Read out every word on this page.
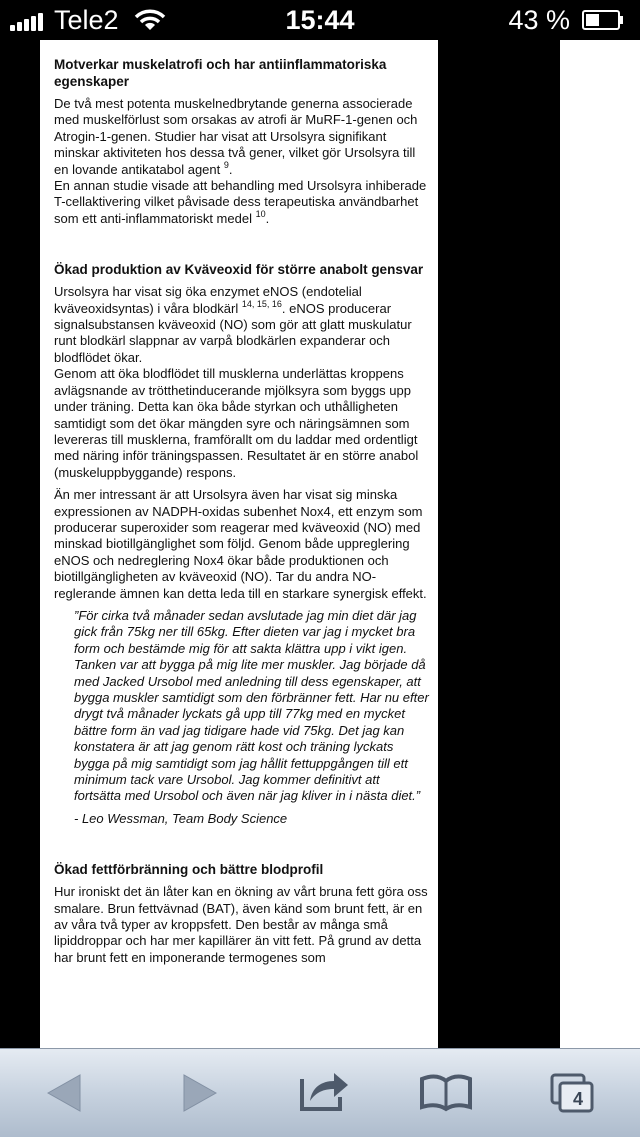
Tele2	15:44	43 %
Motverkar muskelatrofi och har antiinflammatoriska egenskaper

De två mest potenta muskelnedbrytande generna associerade med muskelförlust som orsakas av atrofi är MuRF-1-genen och Atrogin-1-genen. Studier har visat att Ursolsyra signifikant minskar aktiviteten hos dessa två gener, vilket gör Ursolsyra till en lovande antikatabol agent $^9$.
En annan studie visade att behandling med Ursolsyra inhiberade T-cellaktivering vilket påvisade dess terapeutiska användbarhet som ett anti-inflammatoriskt medel $^{10}$.

Ökad produktion av Kväveoxid för större anabolt gensvar

Ursolsyra har visat sig öka enzymet eNOS (endotelial kväveoxidsyntas) i våra blodkärl $^{14, 15, 16}$. eNOS producerar signalsubstansen kväveoxid (NO) som gör att glatt muskulatur runt blodkärl slappnar av varpå blodkärlen expanderar och blodflödet ökar.
Genom att öka blodflödet till musklerna underlättas kroppens avlägsnande av trötthetinducerande mjölksyra som byggs upp under träning. Detta kan öka både styrkan och uthålligheten samtidigt som det ökar mängden syre och näringsämnen som levereras till musklerna, framförallt om du laddar med ordentligt med näring inför träningspassen. Resultatet är en större anabol (muskeluppbyggande) respons.

Än mer intressant är att Ursolsyra även har visat sig minska expressionen av NADPH-oxidas subenhet Nox4, ett enzym som producerar superoxider som reagerar med kväveoxid (NO) med minskad biotillgänglighet som följd. Genom både uppreglering eNOS och nedreglering Nox4 ökar både produktionen och biotillgängligheten av kväveoxid (NO). Tar du andra NO-reglerande ämnen kan detta leda till en starkare synergisk effekt.

”För cirka två månader sedan avslutade jag min diet där jag gick från 75kg ner till 65kg. Efter dieten var jag i mycket bra form och bestämde mig för att sakta klättra upp i vikt igen. Tanken var att bygga på mig lite mer muskler. Jag började då med Jacked Ursobol med anledning till dess egenskaper, att bygga muskler samtidigt som den förbränner fett. Har nu efter drygt två månader lyckats gå upp till 77kg med en mycket bättre form än vad jag tidigare hade vid 75kg. Det jag kan konstatera är att jag genom rätt kost och träning lyckats bygga på mig samtidigt som jag hållit fettuppgången till ett minimum tack vare Ursobol. Jag kommer definitivt att fortsätta med Ursobol och även när jag kliver in i nästa diet.”

- Leo Wessman, Team Body Science

Ökad fettförbränning och bättre blodprofil

Hur ironiskt det än låter kan en ökning av vårt bruna fett göra oss smalare. Brun fettvävnad (BAT), även känd som brunt fett, är en av våra två typer av kroppsfett. Den består av många små lipiddroppar och har mer kapillärer än vitt fett. På grund av detta har brunt fett en imponerande termogenes som

4
